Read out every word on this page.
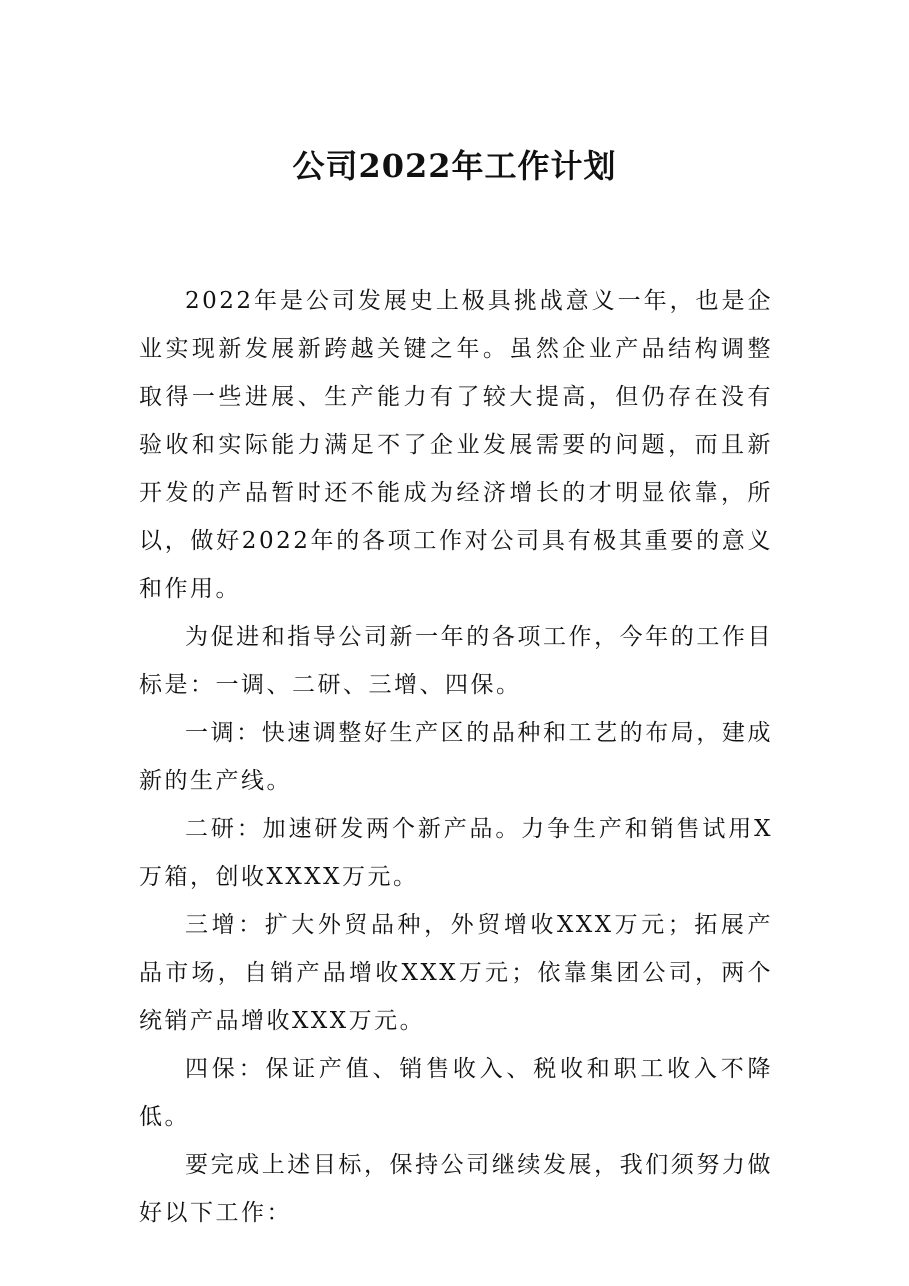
公司2022年工作计划

2022年是公司发展史上极具挑战意义一年，也是企业实现新发展新跨越关键之年。虽然企业产品结构调整取得一些进展、生产能力有了较大提高，但仍存在没有验收和实际能力满足不了企业发展需要的问题，而且新开发的产品暂时还不能成为经济增长的才明显依靠，所以，做好2022年的各项工作对公司具有极其重要的意义和作用。

为促进和指导公司新一年的各项工作，今年的工作目标是：一调、二研、三增、四保。

一调：快速调整好生产区的品种和工艺的布局，建成新的生产线。

二研：加速研发两个新产品。力争生产和销售试用X万箱，创收XXXX万元。

三增：扩大外贸品种，外贸增收XXX万元；拓展产品市场，自销产品增收XXX万元；依靠集团公司，两个统销产品增收XXX万元。

四保：保证产值、销售收入、税收和职工收入不降低。

要完成上述目标，保持公司继续发展，我们须努力做好以下工作：
